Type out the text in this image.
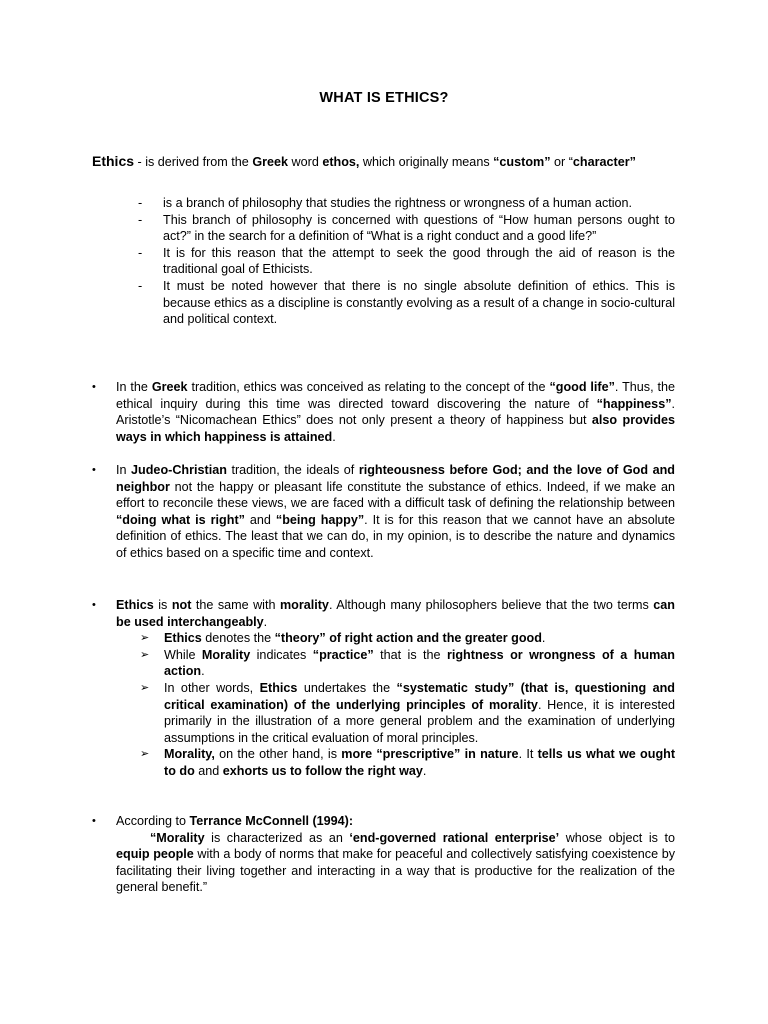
WHAT IS ETHICS?
Ethics - is derived from the Greek word ethos, which originally means “custom” or “character”
- is a branch of philosophy that studies the rightness or wrongness of a human action.
- This branch of philosophy is concerned with questions of “How human persons ought to act?” in the search for a definition of “What is a right conduct and a good life?”
- It is for this reason that the attempt to seek the good through the aid of reason is the traditional goal of Ethicists.
- It must be noted however that there is no single absolute definition of ethics. This is because ethics as a discipline is constantly evolving as a result of a change in socio-cultural and political context.
• In the Greek tradition, ethics was conceived as relating to the concept of the “good life”. Thus, the ethical inquiry during this time was directed toward discovering the nature of “happiness”. Aristotle’s “Nicomachean Ethics” does not only present a theory of happiness but also provides ways in which happiness is attained.
• In Judeo-Christian tradition, the ideals of righteousness before God; and the love of God and neighbor not the happy or pleasant life constitute the substance of ethics. Indeed, if we make an effort to reconcile these views, we are faced with a difficult task of defining the relationship between “doing what is right” and “being happy”. It is for this reason that we cannot have an absolute definition of ethics. The least that we can do, in my opinion, is to describe the nature and dynamics of ethics based on a specific time and context.
• Ethics is not the same with morality. Although many philosophers believe that the two terms can be used interchangeably.
➢ Ethics denotes the “theory” of right action and the greater good.
➢ While Morality indicates “practice” that is the rightness or wrongness of a human action.
➢ In other words, Ethics undertakes the “systematic study” (that is, questioning and critical examination) of the underlying principles of morality. Hence, it is interested primarily in the illustration of a more general problem and the examination of underlying assumptions in the critical evaluation of moral principles.
➢ Morality, on the other hand, is more “prescriptive” in nature. It tells us what we ought to do and exhorts us to follow the right way.
• According to Terrance McConnell (1994):
“Morality is characterized as an ‘end-governed rational enterprise’ whose object is to equip people with a body of norms that make for peaceful and collectively satisfying coexistence by facilitating their living together and interacting in a way that is productive for the realization of the general benefit.”
